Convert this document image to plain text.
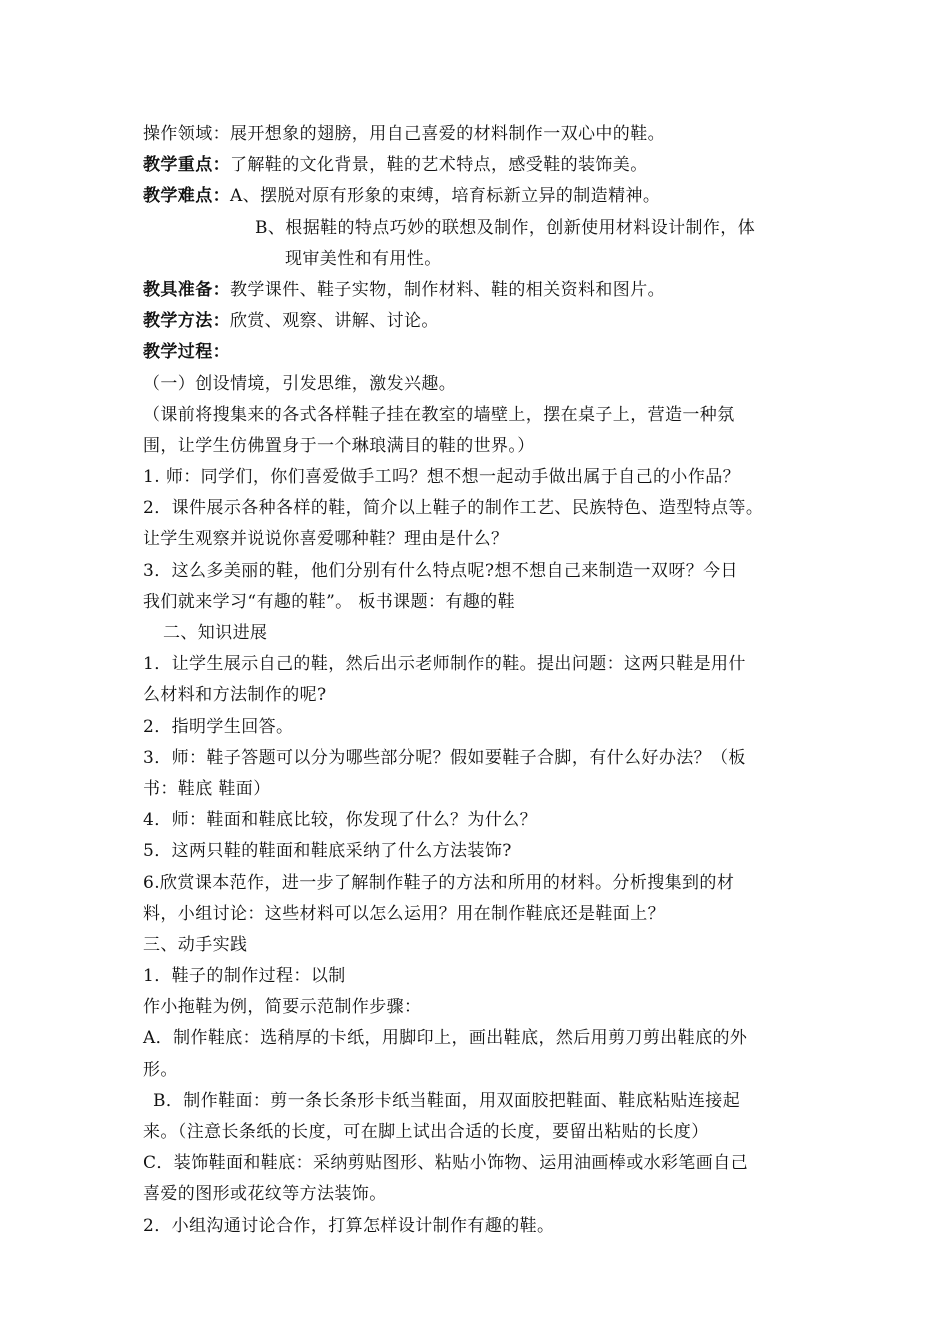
操作领域：展开想象的翅膀，用自己喜爱的材料制作一双心中的鞋。
教学重点：了解鞋的文化背景，鞋的艺术特点，感受鞋的装饰美。
教学难点：A、摆脱对原有形象的束缚，培育标新立异的制造精神。
B、根据鞋的特点巧妙的联想及制作，创新使用材料设计制作，体
现审美性和有用性。
教具准备：教学课件、鞋子实物，制作材料、鞋的相关资料和图片。
教学方法：欣赏、观察、讲解、讨论。
教学过程：
（一）创设情境，引发思维，激发兴趣。
（课前将搜集来的各式各样鞋子挂在教室的墙壁上，摆在桌子上，营造一种氛
围，让学生仿佛置身于一个琳琅满目的鞋的世界。）
1. 师：同学们，你们喜爱做手工吗？想不想一起动手做出属于自己的小作品？
2．课件展示各种各样的鞋，简介以上鞋子的制作工艺、民族特色、造型特点等。
让学生观察并说说你喜爱哪种鞋？理由是什么？
3．这么多美丽的鞋，他们分别有什么特点呢?想不想自己来制造一双呀？今日
我们就来学习“有趣的鞋”。 板书课题：有趣的鞋
二、知识进展
1．让学生展示自己的鞋，然后出示老师制作的鞋。提出问题：这两只鞋是用什
么材料和方法制作的呢?
2．指明学生回答。
3．师：鞋子答题可以分为哪些部分呢？假如要鞋子合脚，有什么好办法？（板
书：鞋底 鞋面）
4．师：鞋面和鞋底比较，你发现了什么？为什么？
5．这两只鞋的鞋面和鞋底采纳了什么方法装饰?
6.欣赏课本范作，进一步了解制作鞋子的方法和所用的材料。分析搜集到的材
料，小组讨论：这些材料可以怎么运用？用在制作鞋底还是鞋面上？
三、动手实践
1．鞋子的制作过程：以制
作小拖鞋为例，简要示范制作步骤：
A．制作鞋底：选稍厚的卡纸，用脚印上，画出鞋底，然后用剪刀剪出鞋底的外
形。
B．制作鞋面：剪一条长条形卡纸当鞋面，用双面胶把鞋面、鞋底粘贴连接起
来。（注意长条纸的长度，可在脚上试出合适的长度，要留出粘贴的长度）
C．装饰鞋面和鞋底：采纳剪贴图形、粘贴小饰物、运用油画棒或水彩笔画自己
喜爱的图形或花纹等方法装饰。
2．小组沟通讨论合作，打算怎样设计制作有趣的鞋。
